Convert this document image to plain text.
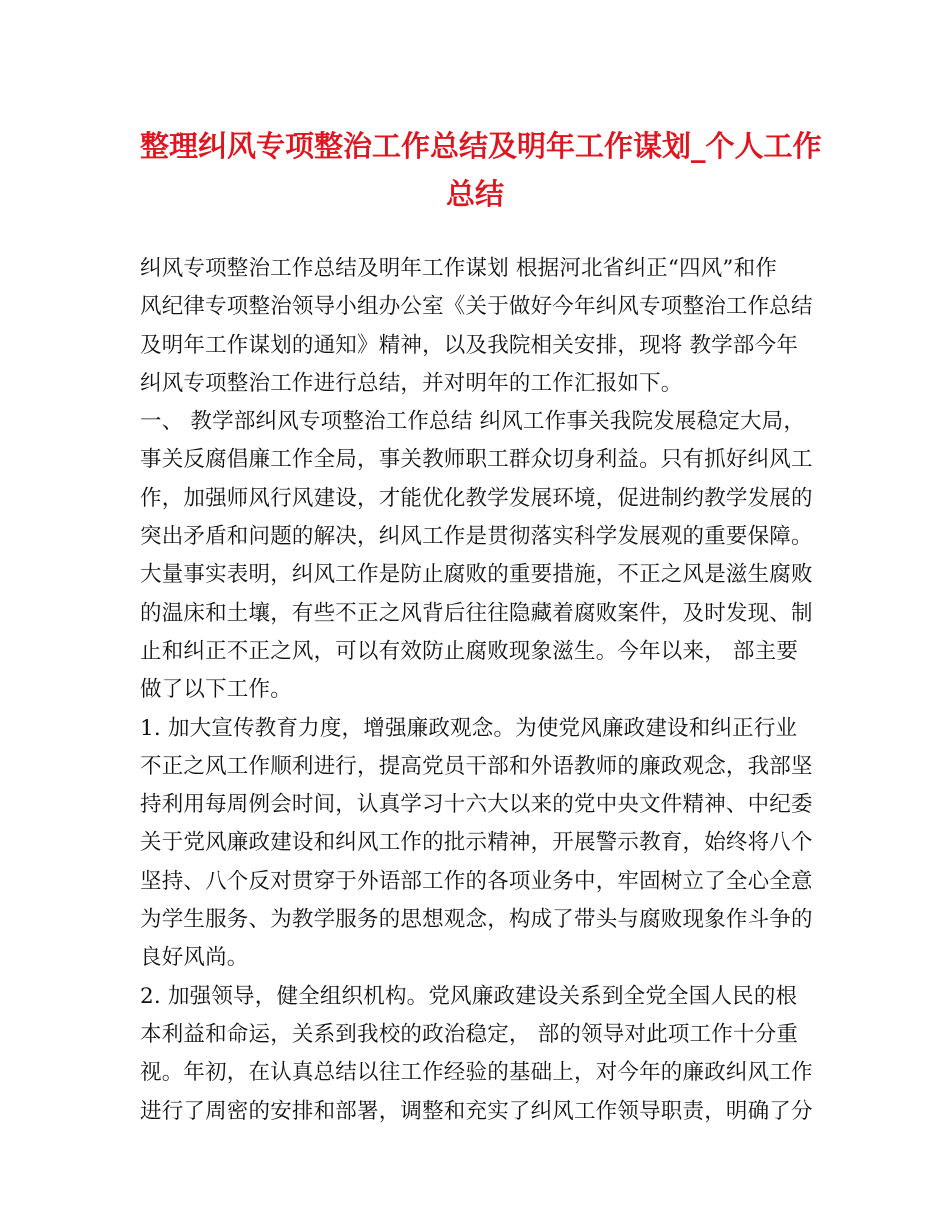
整理纠风专项整治工作总结及明年工作谋划_个人工作
总结
纠风专项整治工作总结及明年工作谋划 根据河北省纠正“四风”和作
风纪律专项整治领导小组办公室《关于做好今年纠风专项整治工作总结
及明年工作谋划的通知》精神，以及我院相关安排，现将 教学部今年
纠风专项整治工作进行总结，并对明年的工作汇报如下。
一、 教学部纠风专项整治工作总结 纠风工作事关我院发展稳定大局，
事关反腐倡廉工作全局，事关教师职工群众切身利益。只有抓好纠风工
作，加强师风行风建设，才能优化教学发展环境，促进制约教学发展的
突出矛盾和问题的解决，纠风工作是贯彻落实科学发展观的重要保障。
大量事实表明，纠风工作是防止腐败的重要措施，不正之风是滋生腐败
的温床和土壤，有些不正之风背后往往隐藏着腐败案件，及时发现、制
止和纠正不正之风，可以有效防止腐败现象滋生。今年以来， 部主要
做了以下工作。
1. 加大宣传教育力度，增强廉政观念。为使党风廉政建设和纠正行业
不正之风工作顺利进行，提高党员干部和外语教师的廉政观念，我部坚
持利用每周例会时间，认真学习十六大以来的党中央文件精神、中纪委
关于党风廉政建设和纠风工作的批示精神，开展警示教育，始终将八个
坚持、八个反对贯穿于外语部工作的各项业务中，牢固树立了全心全意
为学生服务、为教学服务的思想观念，构成了带头与腐败现象作斗争的
良好风尚。
2. 加强领导，健全组织机构。党风廉政建设关系到全党全国人民的根
本利益和命运，关系到我校的政治稳定， 部的领导对此项工作十分重
视。年初，在认真总结以往工作经验的基础上，对今年的廉政纠风工作
进行了周密的安排和部署，调整和充实了纠风工作领导职责，明确了分
